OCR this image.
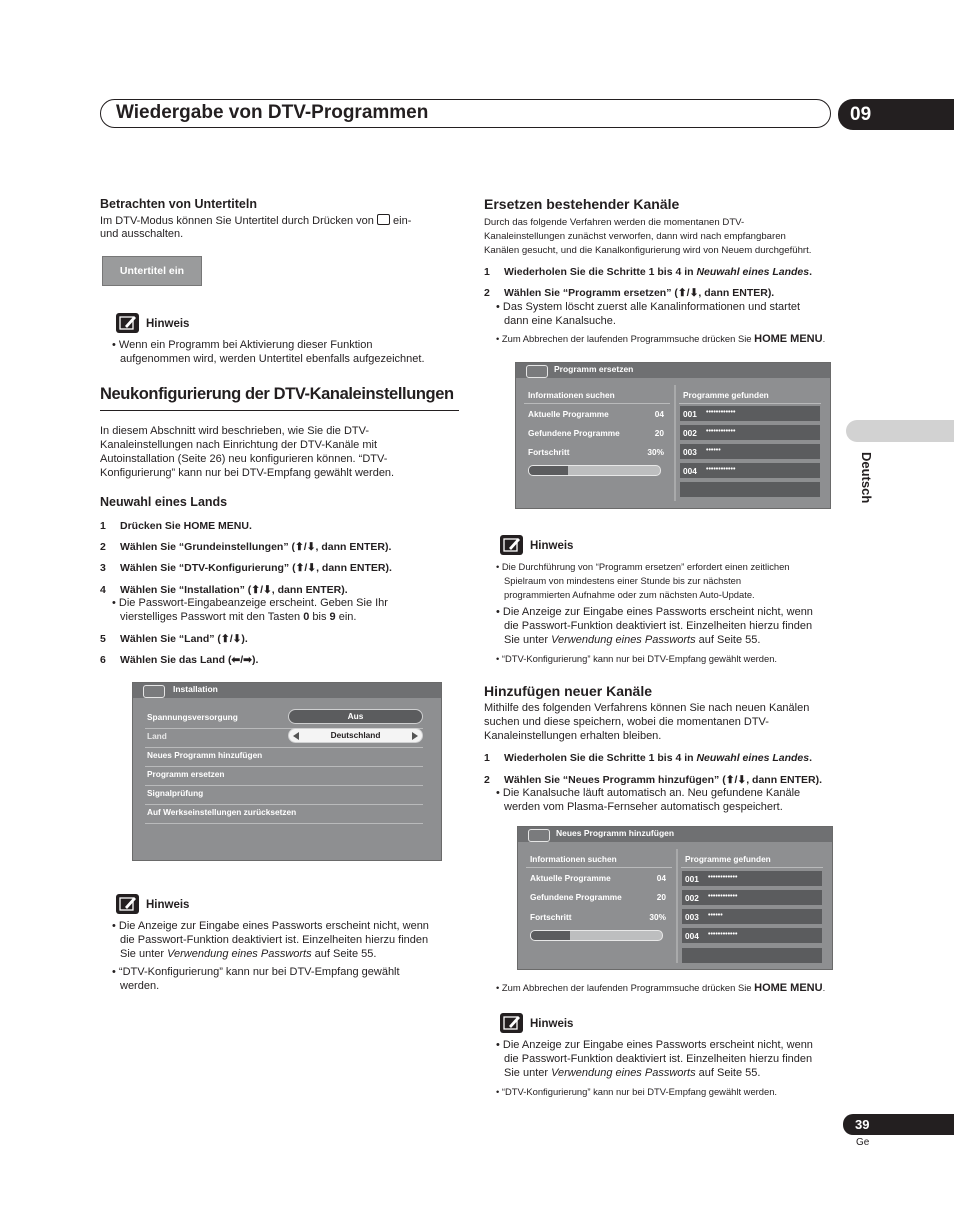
Wiedergabe von DTV-Programmen	09
Deutsch
Betrachten von Untertiteln
Im DTV-Modus können Sie Untertitel durch Drücken von  ein-
und ausschalten.
Untertitel ein
Hinweis
• Wenn ein Programm bei Aktivierung dieser Funktion
aufgenommen wird, werden Untertitel ebenfalls aufgezeichnet.
Neukonfigurierung der DTV-Kanaleinstellungen
In diesem Abschnitt wird beschrieben, wie Sie die DTV-
Kanaleinstellungen nach Einrichtung der DTV-Kanäle mit
Autoinstallation (Seite 26) neu konfigurieren können. “DTV-
Konfigurierung” kann nur bei DTV-Empfang gewählt werden.
Neuwahl eines Lands
1 Drücken Sie HOME MENU.
2 Wählen Sie “Grundeinstellungen” (⬆/⬇, dann ENTER).
3 Wählen Sie “DTV-Konfigurierung” (⬆/⬇, dann ENTER).
4 Wählen Sie “Installation” (⬆/⬇, dann ENTER).
• Die Passwort-Eingabeanzeige erscheint. Geben Sie Ihr
vierstelliges Passwort mit den Tasten 0 bis 9 ein.
5 Wählen Sie “Land” (⬆/⬇).
6 Wählen Sie das Land (⬅/➡).
Installation
Spannungsversorgung	Aus
Land	Deutschland
Neues Programm hinzufügen
Programm ersetzen
Signalprüfung
Auf Werkseinstellungen zurücksetzen
Hinweis
• Die Anzeige zur Eingabe eines Passworts erscheint nicht, wenn
die Passwort-Funktion deaktiviert ist. Einzelheiten hierzu finden
Sie unter Verwendung eines Passworts auf Seite 55.
• “DTV-Konfigurierung” kann nur bei DTV-Empfang gewählt
werden.
Ersetzen bestehender Kanäle
Durch das folgende Verfahren werden die momentanen DTV-
Kanaleinstellungen zunächst verworfen, dann wird nach empfangbaren
Kanälen gesucht, und die Kanalkonfigurierung wird von Neuem durchgeführt.
1 Wiederholen Sie die Schritte 1 bis 4 in Neuwahl eines Landes.
2 Wählen Sie “Programm ersetzen” (⬆/⬇, dann ENTER).
• Das System löscht zuerst alle Kanalinformationen und startet
dann eine Kanalsuche.
• Zum Abbrechen der laufenden Programmsuche drücken Sie HOME MENU.
Programm ersetzen
Informationen suchen
Aktuelle Programme	04
Gefundene Programme	20
Fortschritt	30%
Programme gefunden
001 ••••••••••••
002 ••••••••••••
003 ••••••
004 ••••••••••••
Hinweis
• Die Durchführung von “Programm ersetzen” erfordert einen zeitlichen
Spielraum von mindestens einer Stunde bis zur nächsten
programmierten Aufnahme oder zum nächsten Auto-Update.
• Die Anzeige zur Eingabe eines Passworts erscheint nicht, wenn
die Passwort-Funktion deaktiviert ist. Einzelheiten hierzu finden
Sie unter Verwendung eines Passworts auf Seite 55.
• “DTV-Konfigurierung” kann nur bei DTV-Empfang gewählt werden.
Hinzufügen neuer Kanäle
Mithilfe des folgenden Verfahrens können Sie nach neuen Kanälen
suchen und diese speichern, wobei die momentanen DTV-
Kanaleinstellungen erhalten bleiben.
1 Wiederholen Sie die Schritte 1 bis 4 in Neuwahl eines Landes.
2 Wählen Sie “Neues Programm hinzufügen” (⬆/⬇, dann ENTER).
• Die Kanalsuche läuft automatisch an. Neu gefundene Kanäle
werden vom Plasma-Fernseher automatisch gespeichert.
Neues Programm hinzufügen
Informationen suchen
Aktuelle Programme	04
Gefundene Programme	20
Fortschritt	30%
Programme gefunden
001 ••••••••••••
002 ••••••••••••
003 ••••••
004 ••••••••••••
• Zum Abbrechen der laufenden Programmsuche drücken Sie HOME MENU.
Hinweis
• Die Anzeige zur Eingabe eines Passworts erscheint nicht, wenn
die Passwort-Funktion deaktiviert ist. Einzelheiten hierzu finden
Sie unter Verwendung eines Passworts auf Seite 55.
• “DTV-Konfigurierung” kann nur bei DTV-Empfang gewählt werden.
39
Ge
